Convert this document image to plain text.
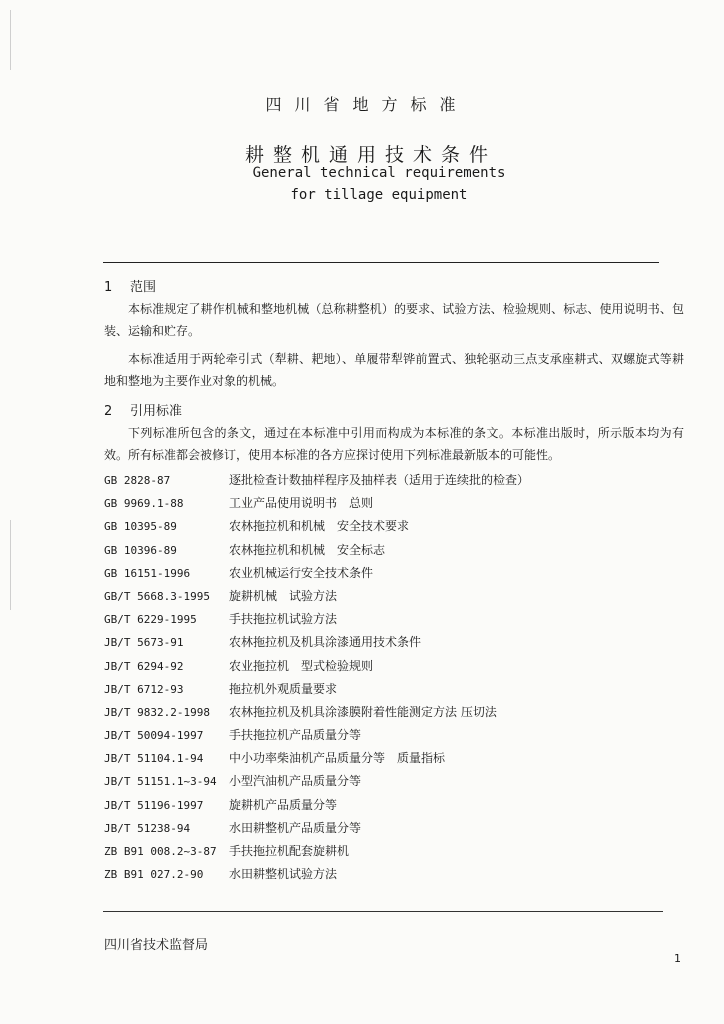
四川省地方标准
耕整机通用技术条件
General technical requirements
for tillage equipment
1 范围
本标准规定了耕作机械和整地机械（总称耕整机）的要求、试验方法、检验规则、标志、使用说明书、包装、运输和贮存。
本标准适用于两轮牵引式（犁耕、耙地）、单履带犁铧前置式、独轮驱动三点支承座耕式、双螺旋式等耕地和整地为主要作业对象的机械。
2 引用标准
下列标准所包含的条文，通过在本标准中引用而构成为本标准的条文。本标准出版时，所示版本均为有效。所有标准都会被修订，使用本标准的各方应探讨使用下列标准最新版本的可能性。
GB 2828-87	逐批检查计数抽样程序及抽样表（适用于连续批的检查）
GB 9969.1-88	工业产品使用说明书　总则
GB 10395-89	农林拖拉机和机械　安全技术要求
GB 10396-89	农林拖拉机和机械　安全标志
GB 16151-1996	农业机械运行安全技术条件
GB/T 5668.3-1995 旋耕机械　试验方法
GB/T 6229-1995	手扶拖拉机试验方法
JB/T 5673-91	农林拖拉机及机具涂漆通用技术条件
JB/T 6294-92	农业拖拉机　型式检验规则
JB/T 6712-93	拖拉机外观质量要求
JB/T 9832.2-1998 农林拖拉机及机具涂漆膜附着性能测定方法 压切法
JB/T 50094-1997 手扶拖拉机产品质量分等
JB/T 51104.1-94 中小功率柴油机产品质量分等　质量指标
JB/T 51151.1~3-94 小型汽油机产品质量分等
JB/T 51196-1997 旋耕机产品质量分等
JB/T 51238-94	水田耕整机产品质量分等
ZB B91 008.2~3-87 手扶拖拉机配套旋耕机
ZB B91 027.2-90 水田耕整机试验方法
四川省技术监督局
1
